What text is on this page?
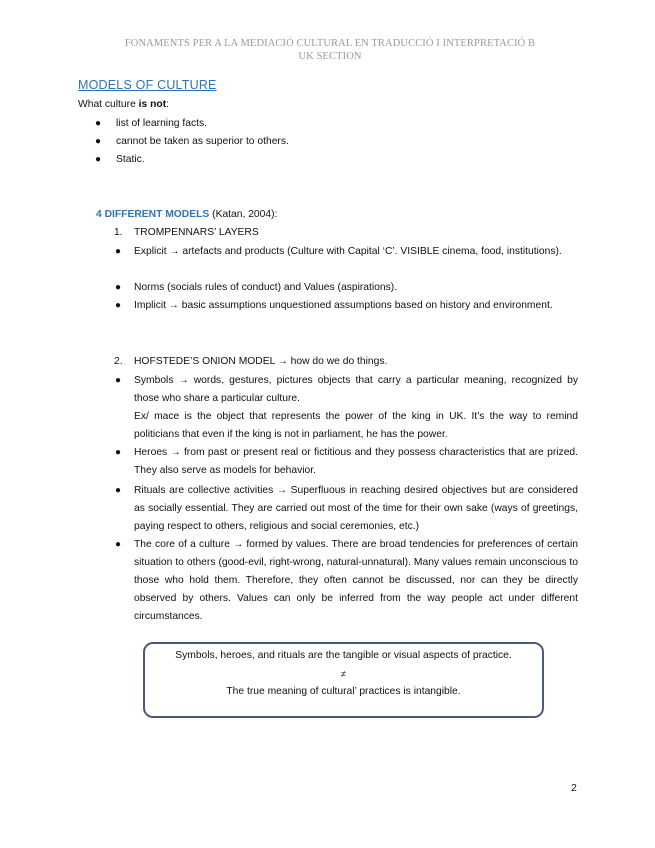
FONAMENTS PER A LA MEDIACIÓ CULTURAL EN TRADUCCIÓ I INTERPRETACIÓ B
UK SECTION
MODELS OF CULTURE
What culture is not:
● list of learning facts.
● cannot be taken as superior to others.
● Static.
4 DIFFERENT MODELS (Katan, 2004):
1. TROMPENNARS’ LAYERS
● Explicit → artefacts and products (Culture with Capital ‘C’. VISIBLE cinema, food, institutions).
● Norms (socials rules of conduct) and Values (aspirations).
● Implicit → basic assumptions unquestioned assumptions based on history and environment.
2. HOFSTEDE’S ONION MODEL → how do we do things.
● Symbols → words, gestures, pictures objects that carry a particular meaning, recognized by those who share a particular culture.
Ex/ mace is the object that represents the power of the king in UK. It’s the way to remind politicians that even if the king is not in parliament, he has the power.
● Heroes → from past or present real or fictitious and they possess characteristics that are prized. They also serve as models for behavior.
● Rituals are collective activities → Superfluous in reaching desired objectives but are considered as socially essential. They are carried out most of the time for their own sake (ways of greetings, paying respect to others, religious and social ceremonies, etc.)
● The core of a culture → formed by values. There are broad tendencies for preferences of certain situation to others (good-evil, right-wrong, natural-unnatural). Many values remain unconscious to those who hold them. Therefore, they often cannot be discussed, nor can they be directly observed by others. Values can only be inferred from the way people act under different circumstances.
Symbols, heroes, and rituals are the tangible or visual aspects of practice.
≠
The true meaning of cultural’ practices is intangible.
2
